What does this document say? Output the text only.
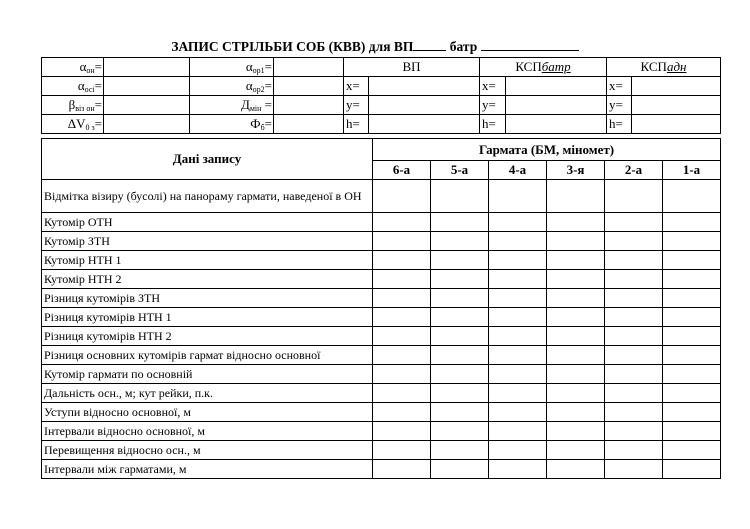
ЗАПИС СТРІЛЬБИ СОБ (КВВ) для ВП	батр
$\alpha_{он}=$		$\alpha_{ор1}=$		ВП		КСПбатр		КСПадн	
$\alpha_{осі}=$		$\alpha_{ор2}=$		x=		x=		x=	
$\beta_{віз он}=$		$Д_{мін}$ =		y=		y=		y=	
$\Delta V_{0 з}=$		$Ф_б=$		h=		h=		h=	
Дані запису	Гармата (БМ, міномет)					
	6-а	5-а	4-а	3-я	2-а	1-а
Відмітка візиру (бусолі) на панораму гармати, наведеної в ОН						
Кутомір ОТН						
Кутомір ЗТН						
Кутомір НТН 1						
Кутомір НТН 2						
Різниця кутомірів ЗТН						
Різниця кутомірів НТН 1						
Різниця кутомірів НТН 2						
Різниця основних кутомірів гармат відносно основної						
Кутомір гармати по основній						
Дальність осн., м; кут рейки, п.к.						
Уступи відносно основної, м						
Інтервали відносно основної, м						
Перевищення відносно осн., м						
Інтервали між гарматами, м						
